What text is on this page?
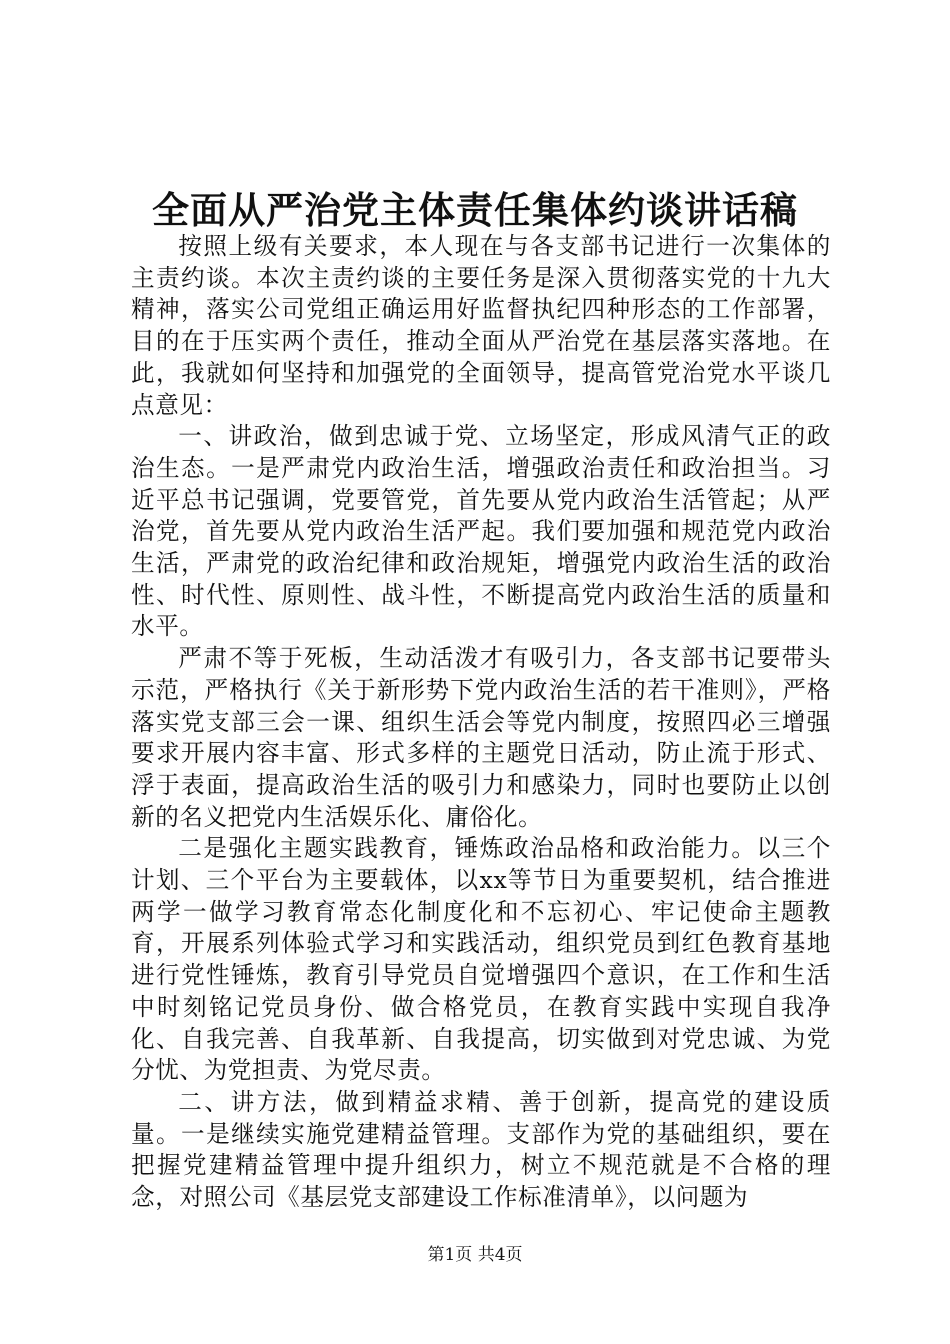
全面从严治党主体责任集体约谈讲话稿

按照上级有关要求，本人现在与各支部书记进行一次集体的主责约谈。本次主责约谈的主要任务是深入贯彻落实党的十九大精神，落实公司党组正确运用好监督执纪四种形态的工作部署，目的在于压实两个责任，推动全面从严治党在基层落实落地。在此，我就如何坚持和加强党的全面领导，提高管党治党水平谈几点意见：

一、讲政治，做到忠诚于党、立场坚定，形成风清气正的政治生态。一是严肃党内政治生活，增强政治责任和政治担当。习近平总书记强调，党要管党，首先要从党内政治生活管起；从严治党，首先要从党内政治生活严起。我们要加强和规范党内政治生活，严肃党的政治纪律和政治规矩，增强党内政治生活的政治性、时代性、原则性、战斗性，不断提高党内政治生活的质量和水平。

严肃不等于死板，生动活泼才有吸引力，各支部书记要带头示范，严格执行《关于新形势下党内政治生活的若干准则》，严格落实党支部三会一课、组织生活会等党内制度，按照四必三增强要求开展内容丰富、形式多样的主题党日活动，防止流于形式、浮于表面，提高政治生活的吸引力和感染力，同时也要防止以创新的名义把党内生活娱乐化、庸俗化。

二是强化主题实践教育，锤炼政治品格和政治能力。以三个计划、三个平台为主要载体，以xx等节日为重要契机，结合推进两学一做学习教育常态化制度化和不忘初心、牢记使命主题教育，开展系列体验式学习和实践活动，组织党员到红色教育基地进行党性锤炼，教育引导党员自觉增强四个意识，在工作和生活中时刻铭记党员身份、做合格党员，在教育实践中实现自我净化、自我完善、自我革新、自我提高，切实做到对党忠诚、为党分忧、为党担责、为党尽责。

二、讲方法，做到精益求精、善于创新，提高党的建设质量。一是继续实施党建精益管理。支部作为党的基础组织，要在把握党建精益管理中提升组织力，树立不规范就是不合格的理念，对照公司《基层党支部建设工作标准清单》，以问题为

第1页 共4页
